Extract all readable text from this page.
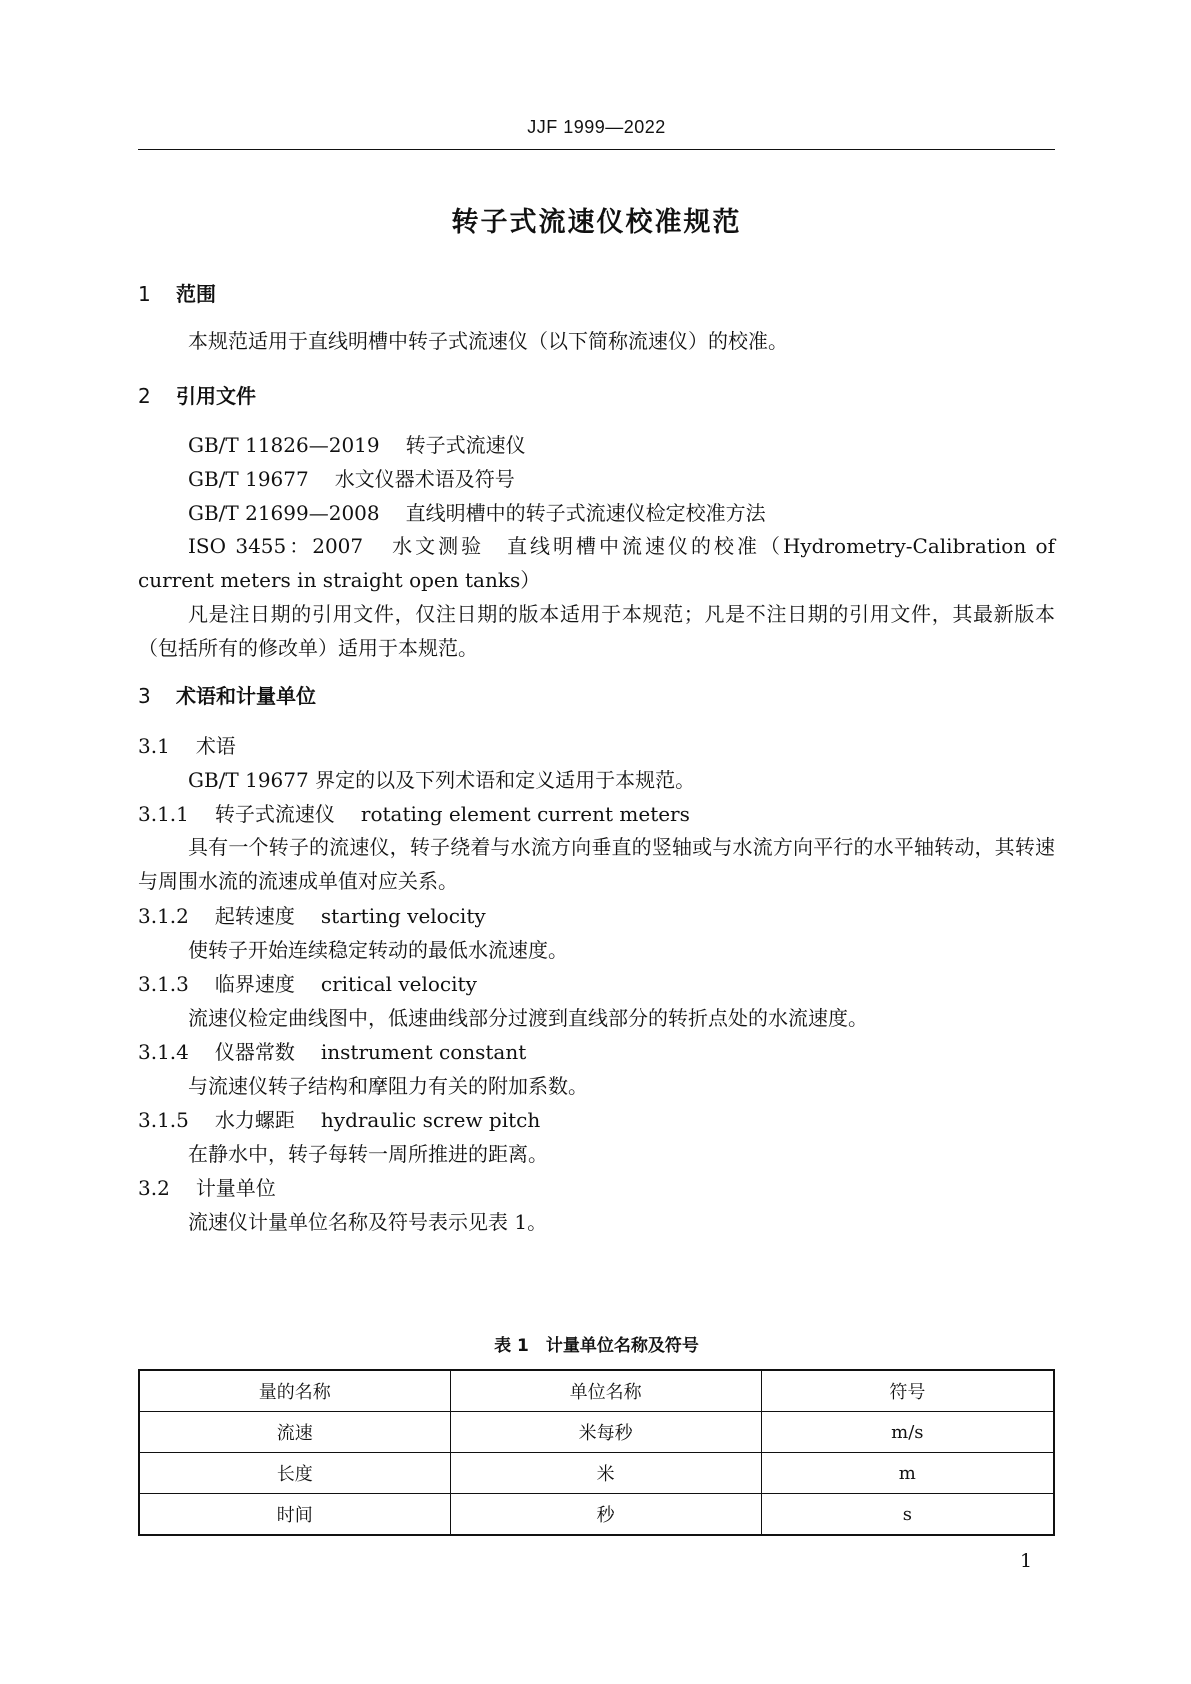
JJF 1999—2022
转子式流速仪校准规范
1 范围
本规范适用于直线明槽中转子式流速仪（以下简称流速仪）的校准。
2 引用文件
GB/T 11826—2019 转子式流速仪
GB/T 19677 水文仪器术语及符号
GB/T 21699—2008 直线明槽中的转子式流速仪检定校准方法
ISO 3455：2007 水文测验　直线明槽中流速仪的校准（Hydrometry-Calibration of current meters in straight open tanks）
凡是注日期的引用文件，仅注日期的版本适用于本规范；凡是不注日期的引用文件，其最新版本（包括所有的修改单）适用于本规范。
3 术语和计量单位
3.1 术语
GB/T 19677 界定的以及下列术语和定义适用于本规范。
3.1.1 转子式流速仪 rotating element current meters
具有一个转子的流速仪，转子绕着与水流方向垂直的竖轴或与水流方向平行的水平轴转动，其转速与周围水流的流速成单值对应关系。
3.1.2 起转速度 starting velocity
使转子开始连续稳定转动的最低水流速度。
3.1.3 临界速度 critical velocity
流速仪检定曲线图中，低速曲线部分过渡到直线部分的转折点处的水流速度。
3.1.4 仪器常数 instrument constant
与流速仪转子结构和摩阻力有关的附加系数。
3.1.5 水力螺距 hydraulic screw pitch
在静水中，转子每转一周所推进的距离。
3.2 计量单位
流速仪计量单位名称及符号表示见表 1。
表 1　计量单位名称及符号
量的名称	单位名称	符号
流速	米每秒	m/s
长度	米	m
时间	秒	s
1
